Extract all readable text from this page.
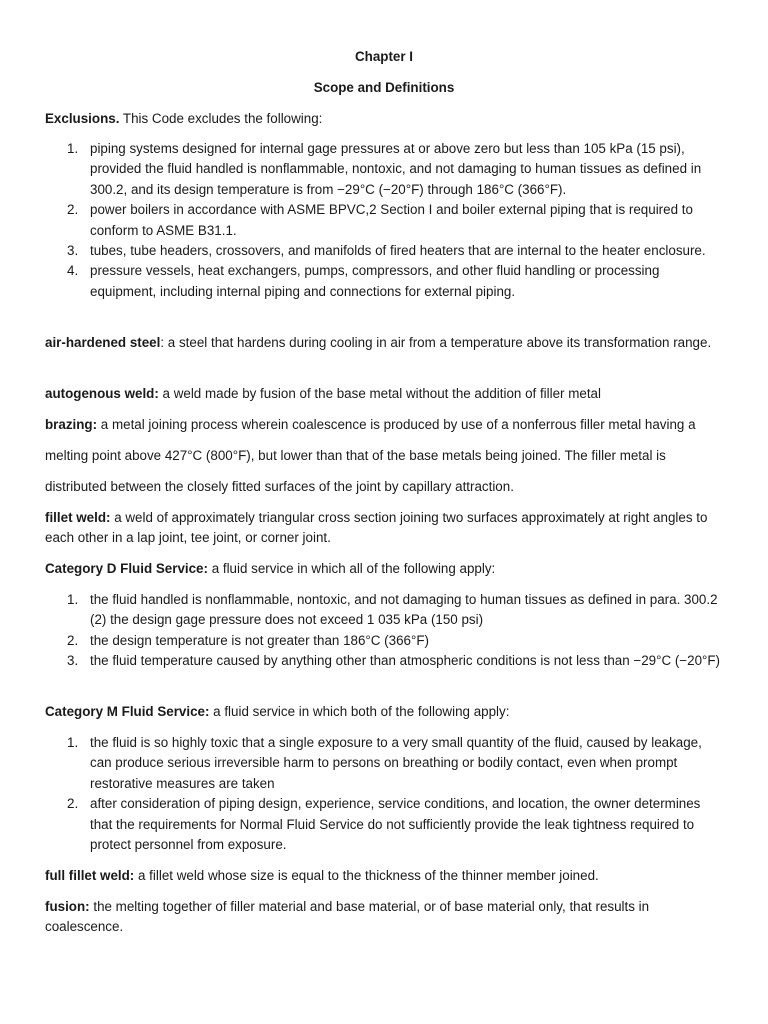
Chapter I
Scope and Definitions

Exclusions. This Code excludes the following:

1. piping systems designed for internal gage pressures at or above zero but less than 105 kPa (15 psi), provided the fluid handled is nonflammable, nontoxic, and not damaging to human tissues as defined in 300.2, and its design temperature is from −29°C (−20°F) through 186°C (366°F).
2. power boilers in accordance with ASME BPVC,2 Section I and boiler external piping that is required to conform to ASME B31.1.
3. tubes, tube headers, crossovers, and manifolds of fired heaters that are internal to the heater enclosure.
4. pressure vessels, heat exchangers, pumps, compressors, and other fluid handling or processing equipment, including internal piping and connections for external piping.

air-hardened steel: a steel that hardens during cooling in air from a temperature above its transformation range.

autogenous weld: a weld made by fusion of the base metal without the addition of filler metal

brazing: a metal joining process wherein coalescence is produced by use of a nonferrous filler metal having a

melting point above 427°C (800°F), but lower than that of the base metals being joined. The filler metal is

distributed between the closely fitted surfaces of the joint by capillary attraction.

fillet weld: a weld of approximately triangular cross section joining two surfaces approximately at right angles to each other in a lap joint, tee joint, or corner joint.

Category D Fluid Service: a fluid service in which all of the following apply:

1. the fluid handled is nonflammable, nontoxic, and not damaging to human tissues as defined in para. 300.2 (2) the design gage pressure does not exceed 1 035 kPa (150 psi)
2. the design temperature is not greater than 186°C (366°F)
3. the fluid temperature caused by anything other than atmospheric conditions is not less than −29°C (−20°F)

Category M Fluid Service: a fluid service in which both of the following apply:

1. the fluid is so highly toxic that a single exposure to a very small quantity of the fluid, caused by leakage, can produce serious irreversible harm to persons on breathing or bodily contact, even when prompt restorative measures are taken
2. after consideration of piping design, experience, service conditions, and location, the owner determines that the requirements for Normal Fluid Service do not sufficiently provide the leak tightness required to protect personnel from exposure.

full fillet weld: a fillet weld whose size is equal to the thickness of the thinner member joined.

fusion: the melting together of filler material and base material, or of base material only, that results in coalescence.
